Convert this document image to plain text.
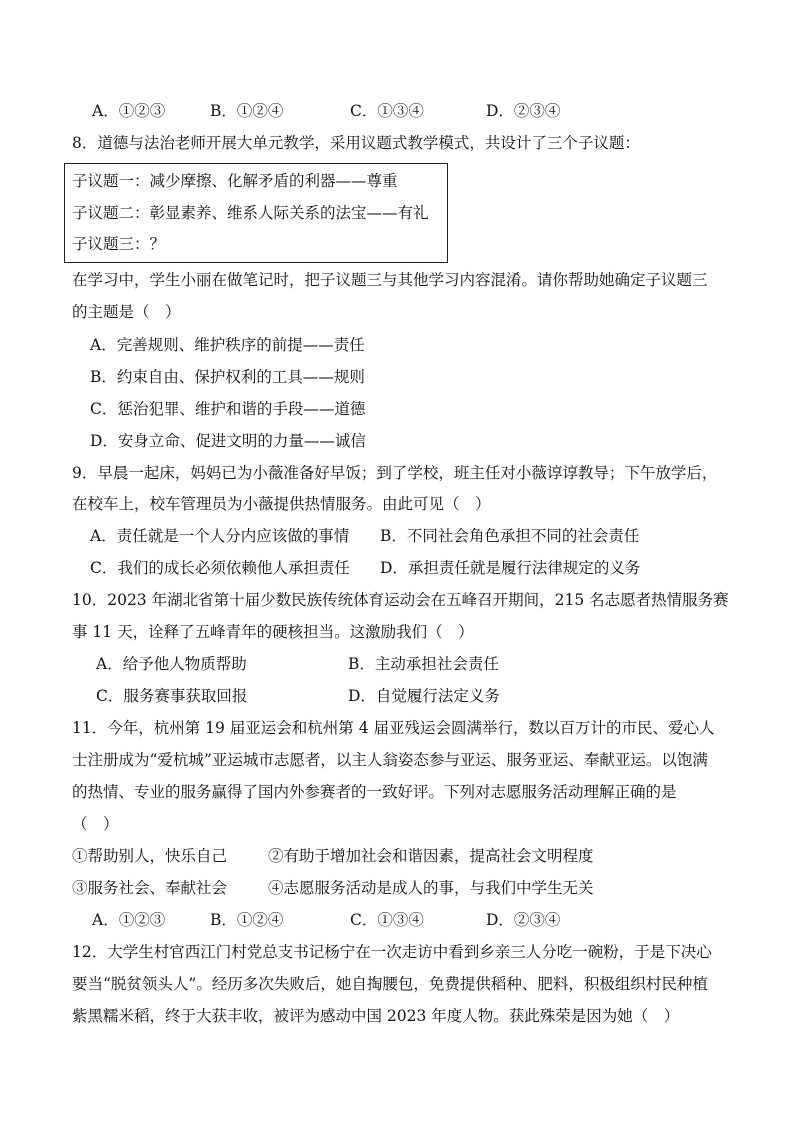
A．①②③	B．①②④	C．①③④	D．②③④
8．道德与法治老师开展大单元教学，采用议题式教学模式，共设计了三个子议题：
子议题一：减少摩擦、化解矛盾的利器——尊重
子议题二：彰显素养、维系人际关系的法宝——有礼
子议题三：？
在学习中，学生小丽在做笔记时，把子议题三与其他学习内容混淆。请你帮助她确定子议题三
的主题是（　）
A．完善规则、维护秩序的前提——责任
B．约束自由、保护权利的工具——规则
C．惩治犯罪、维护和谐的手段——道德
D．安身立命、促进文明的力量——诚信
9．早晨一起床，妈妈已为小薇准备好早饭；到了学校，班主任对小薇谆谆教导；下午放学后，
在校车上，校车管理员为小薇提供热情服务。由此可见（　）
A．责任就是一个人分内应该做的事情 B．不同社会角色承担不同的社会责任
C．我们的成长必须依赖他人承担责任 D．承担责任就是履行法律规定的义务
10．2023 年湖北省第十届少数民族传统体育运动会在五峰召开期间，215 名志愿者热情服务赛
事 11 天，诠释了五峰青年的硬核担当。这激励我们（　）
A．给予他人物质帮助	B．主动承担社会责任
C．服务赛事获取回报	D．自觉履行法定义务
11．今年，杭州第 19 届亚运会和杭州第 4 届亚残运会圆满举行，数以百万计的市民、爱心人
士注册成为“爱杭城”亚运城市志愿者，以主人翁姿态参与亚运、服务亚运、奉献亚运。以饱满
的热情、专业的服务赢得了国内外参赛者的一致好评。下列对志愿服务活动理解正确的是
（　）
①帮助别人，快乐自己	②有助于增加社会和谐因素，提高社会文明程度
③服务社会、奉献社会	④志愿服务活动是成人的事，与我们中学生无关
A．①②③	B．①②④	C．①③④	D．②③④
12．大学生村官西江门村党总支书记杨宁在一次走访中看到乡亲三人分吃一碗粉，于是下决心
要当“脱贫领头人”。经历多次失败后，她自掏腰包，免费提供稻种、肥料，积极组织村民种植
紫黑糯米稻，终于大获丰收，被评为感动中国 2023 年度人物。获此殊荣是因为她（　）
